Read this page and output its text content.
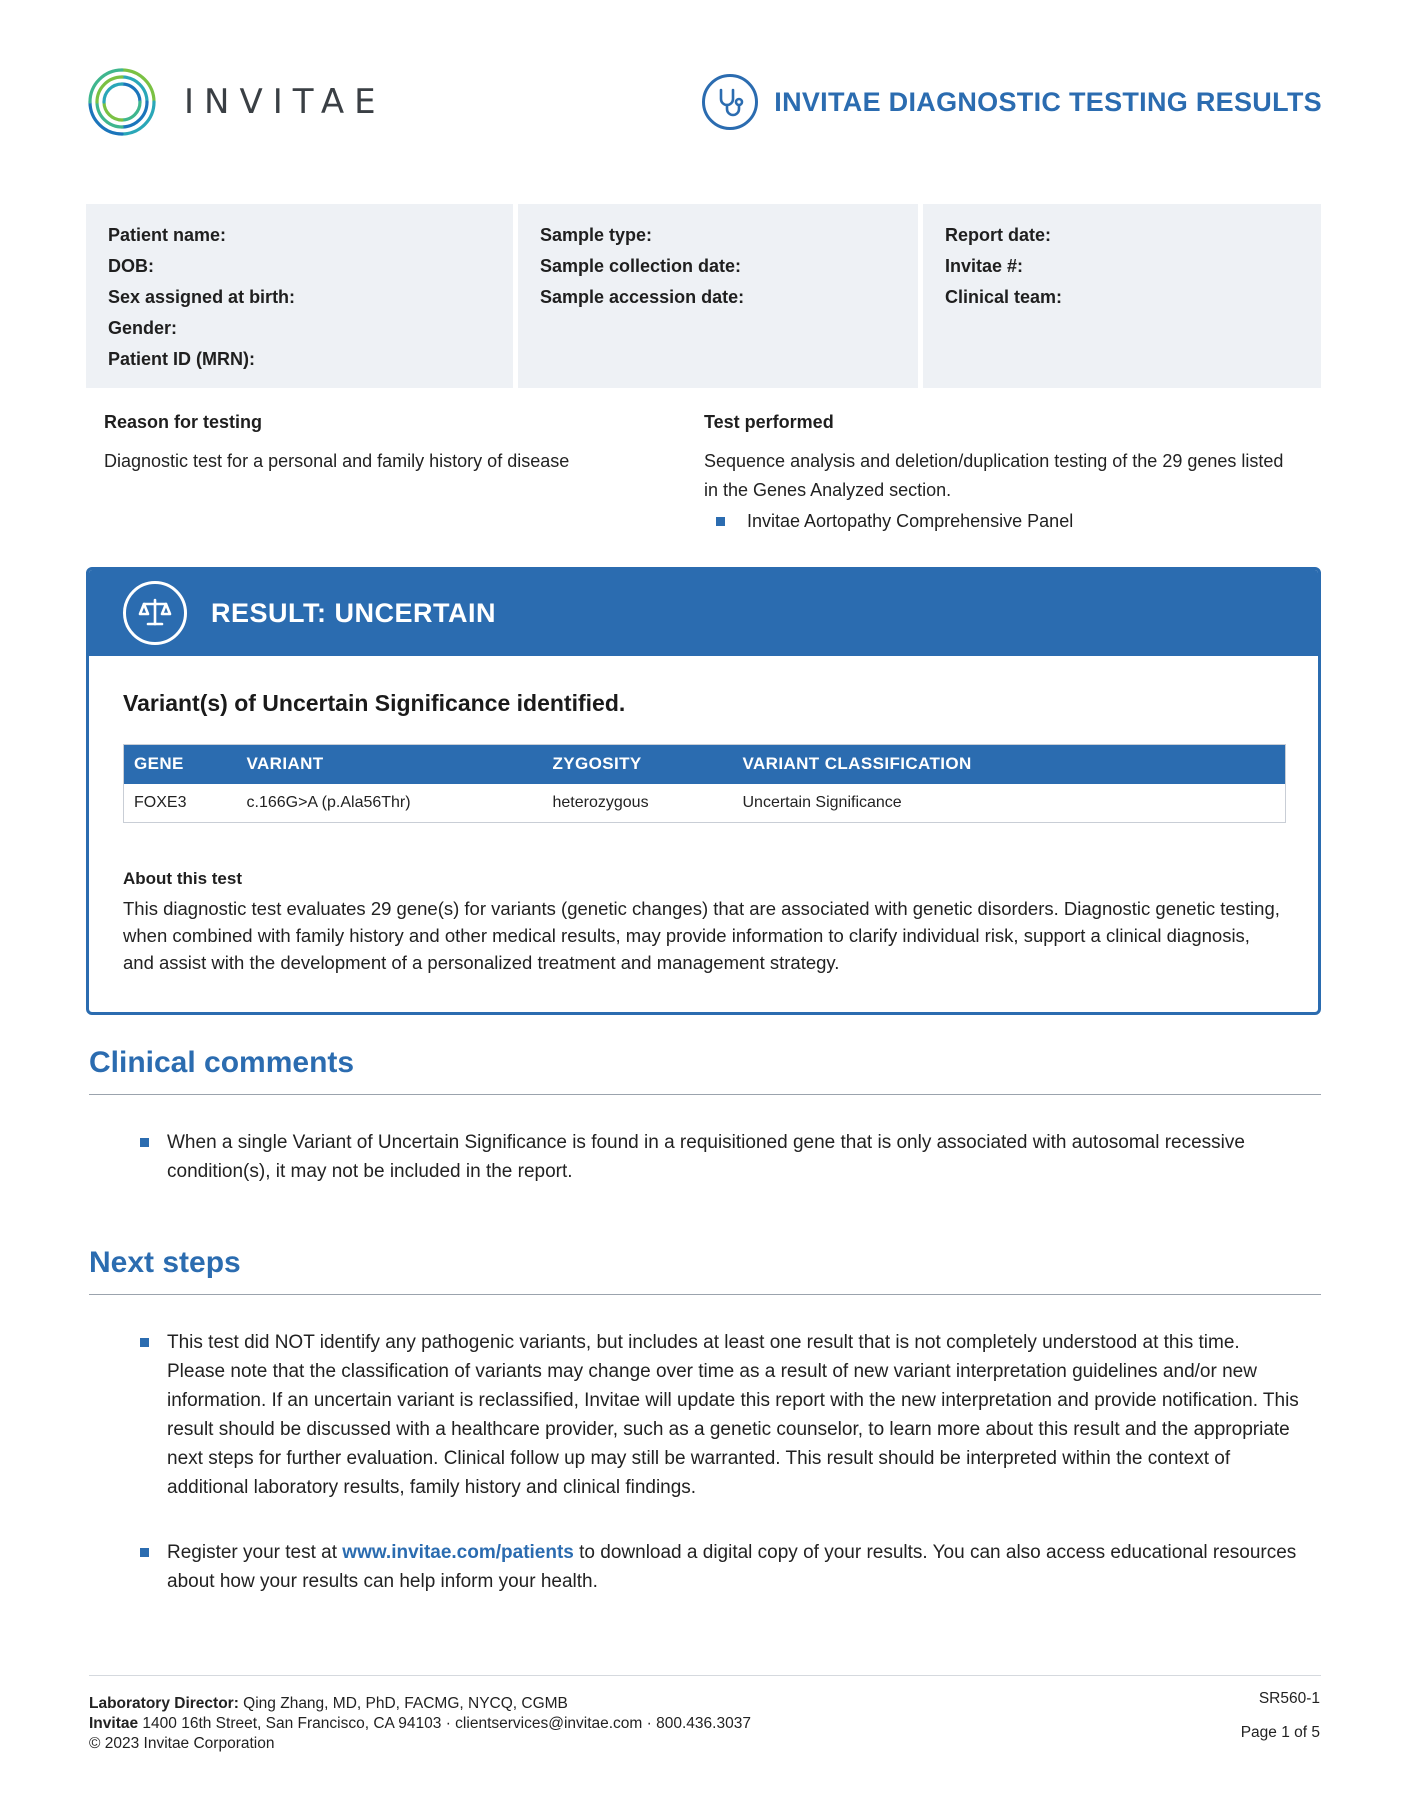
INVITAE	INVITAE DIAGNOSTIC TESTING RESULTS
Patient name:
DOB:
Sex assigned at birth:
Gender:
Patient ID (MRN):
Sample type:
Sample collection date:
Sample accession date:
Report date:
Invitae #:
Clinical team:
Reason for testing
Diagnostic test for a personal and family history of disease
Test performed
Sequence analysis and deletion/duplication testing of the 29 genes listed
in the Genes Analyzed section.
Invitae Aortopathy Comprehensive Panel
RESULT: UNCERTAIN
Variant(s) of Uncertain Significance identified.
GENE	VARIANT	ZYGOSITY	VARIANT CLASSIFICATION
FOXE3	c.166G>A (p.Ala56Thr)	heterozygous	Uncertain Significance
About this test
This diagnostic test evaluates 29 gene(s) for variants (genetic changes) that are associated with genetic disorders. Diagnostic genetic testing, when combined with family history and other medical results, may provide information to clarify individual risk, support a clinical diagnosis, and assist with the development of a personalized treatment and management strategy.
Clinical comments
When a single Variant of Uncertain Significance is found in a requisitioned gene that is only associated with autosomal recessive condition(s), it may not be included in the report.
Next steps
This test did NOT identify any pathogenic variants, but includes at least one result that is not completely understood at this time. Please note that the classification of variants may change over time as a result of new variant interpretation guidelines and/or new information. If an uncertain variant is reclassified, Invitae will update this report with the new interpretation and provide notification. This result should be discussed with a healthcare provider, such as a genetic counselor, to learn more about this result and the appropriate next steps for further evaluation. Clinical follow up may still be warranted. This result should be interpreted within the context of additional laboratory results, family history and clinical findings.
Register your test at www.invitae.com/patients to download a digital copy of your results. You can also access educational resources about how your results can help inform your health.
Laboratory Director: Qing Zhang, MD, PhD, FACMG, NYCQ, CGMB
Invitae 1400 16th Street, San Francisco, CA 94103 · clientservices@invitae.com · 800.436.3037
© 2023 Invitae Corporation
SR560-1
Page 1 of 5
